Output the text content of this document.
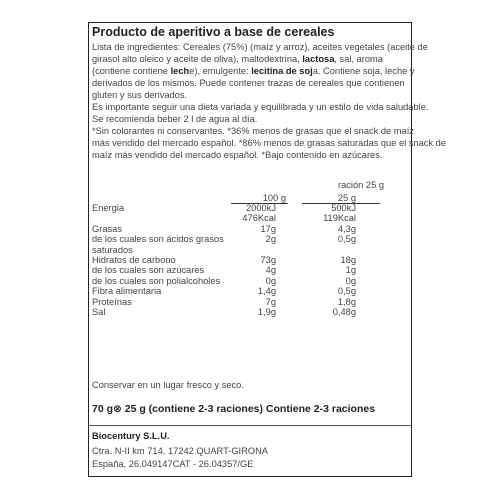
Producto de aperitivo a base de cereales
Lista de ingredientes: Cereales (75%) (maíz y arroz), aceites vegetales (aceite de
girasol alto oleico y aceite de oliva), maltodextrina, lactosa, sal, aroma
(contiene contiene leche), emulgente: lecitina de soja. Contiene soja, leche y
derivados de los mismos. Puede contener trazas de cereales que contienen
gluten y sus derivados.
Es importante seguir una dieta variada y equilibrada y un estilo de vida saludable.
Se recomienda beber 2 l de agua al día.
*Sin colorantes ni conservantes. *36% menos de grasas que el snack de maíz
más vendido del mercado español. *86% menos de grasas saturadas que el snack de
maíz más vendido del mercado español. *Bajo contenido en azúcares.
ración 25 g
100 g	25 g
Energia	2000kJ	500kJ
476Kcal	119Kcal
Grasas	17g	4,3g
de los cuales son ácidos grasos	2g	0,5g
saturados
Hidratos de carbono	73g	18g
de los cuales son azúcares	4g	1g
de los cuales son polialcoholes	0g	0g
Fibra alimentaria	1,4g	0,5g
Proteínas	7g	1,8g
Sal	1,9g	0,48g
Conservar en un lugar fresco y seco.
70 g⊗ 25 g (contiene 2-3 raciones) Contiene 2-3 raciones
Biocentury S.L.U.
Ctra. N-II km 714. 17242 QUART-GIRONA
España, 26.049147CAT - 26.04357/GE
